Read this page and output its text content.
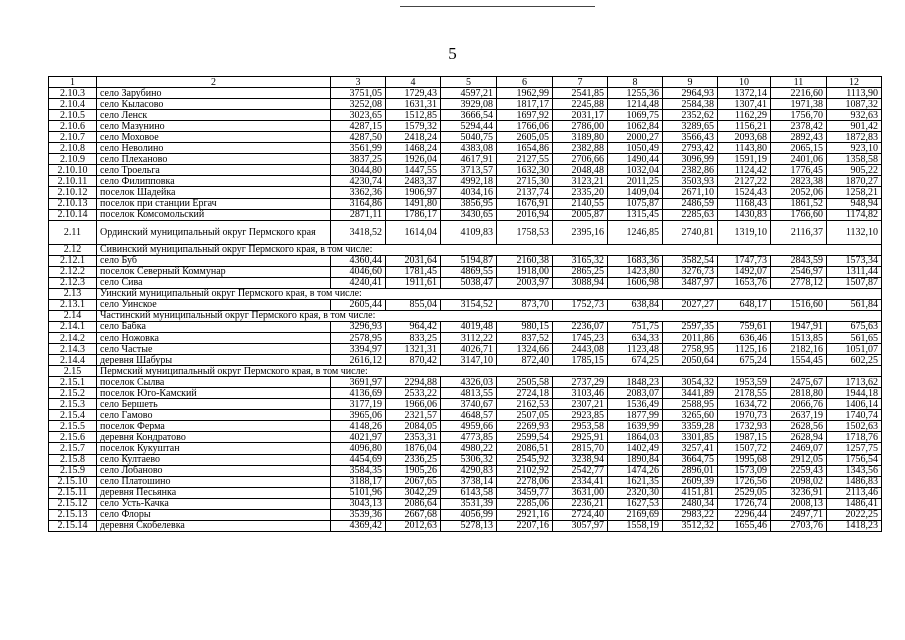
5
1	2	3	4	5	6	7	8	9	10	11	12
2.10.3	село Зарубино	3751,05	1729,43	4597,21	1962,99	2541,85	1255,36	2964,93	1372,14	2216,60	1113,90
2.10.4	село Кыласово	3252,08	1631,31	3929,08	1817,17	2245,88	1214,48	2584,38	1307,41	1971,38	1087,32
2.10.5	село Ленск	3023,65	1512,85	3666,54	1697,92	2031,17	1069,75	2352,62	1162,29	1756,70	932,63
2.10.6	село Мазунино	4287,15	1579,32	5294,44	1766,06	2786,00	1062,84	3289,65	1156,21	2378,42	901,42
2.10.7	село Моховое	4287,50	2418,24	5040,75	2605,05	3189,80	2000,27	3566,43	2093,68	2892,43	1872,83
2.10.8	село Неволино	3561,99	1468,24	4383,08	1654,86	2382,88	1050,49	2793,42	1143,80	2065,15	923,10
2.10.9	село Плеханово	3837,25	1926,04	4617,91	2127,55	2706,66	1490,44	3096,99	1591,19	2401,06	1358,58
2.10.10	село Троельга	3044,80	1447,55	3713,57	1632,30	2048,48	1032,04	2382,86	1124,42	1776,45	905,22
2.10.11	село Филипповка	4230,74	2483,37	4992,18	2715,30	3123,21	2011,25	3503,93	2127,22	2823,38	1870,27
2.10.12	поселок Шадейка	3362,36	1906,97	4034,16	2137,74	2335,20	1409,04	2671,10	1524,43	2052,06	1258,21
2.10.13	поселок при станции Ергач	3164,86	1491,80	3856,95	1676,91	2140,55	1075,87	2486,59	1168,43	1861,52	948,94
2.10.14	поселок Комсомольский	2871,11	1786,17	3430,65	2016,94	2005,87	1315,45	2285,63	1430,83	1766,60	1174,82
2.11	Ординский муниципальный округ Пермского края	3418,52	1614,04	4109,83	1758,53	2395,16	1246,85	2740,81	1319,10	2116,37	1132,10
2.12	Сивинский муниципальный округ Пермского края, в том числе:										
2.12.1	село Буб	4360,44	2031,64	5194,87	2160,38	3165,32	1683,36	3582,54	1747,73	2843,59	1573,34
2.12.2	поселок Северный Коммунар	4046,60	1781,45	4869,55	1918,00	2865,25	1423,80	3276,73	1492,07	2546,97	1311,44
2.12.3	село Сива	4240,41	1911,61	5038,47	2003,97	3088,94	1606,98	3487,97	1653,76	2778,12	1507,87
2.13	Уинский муниципальный округ Пермского края, в том числе:										
2.13.1	село Уинское	2605,44	855,04	3154,52	873,70	1752,73	638,84	2027,27	648,17	1516,60	561,84
2.14	Частинский муниципальный округ Пермского края, в том числе:										
2.14.1	село Бабка	3296,93	964,42	4019,48	980,15	2236,07	751,75	2597,35	759,61	1947,91	675,63
2.14.2	село Ножовка	2578,95	833,25	3112,22	837,52	1745,23	634,33	2011,86	636,46	1513,85	561,65
2.14.3	село Частые	3394,97	1321,31	4026,71	1324,66	2443,08	1123,48	2758,95	1125,16	2182,16	1051,07
2.14.4	деревня Шабуры	2616,12	870,42	3147,10	872,40	1785,15	674,25	2050,64	675,24	1554,45	602,25
2.15	Пермский муниципальный округ Пермского края, в том числе:										
2.15.1	поселок Сылва	3691,97	2294,88	4326,03	2505,58	2737,29	1848,23	3054,32	1953,59	2475,67	1713,62
2.15.2	поселок Юго-Камский	4136,69	2533,22	4813,55	2724,18	3103,46	2083,07	3441,89	2178,55	2818,80	1944,18
2.15.3	село Бершеть	3177,19	1966,06	3740,67	2162,53	2307,21	1536,49	2588,95	1634,72	2066,76	1406,14
2.15.4	село Гамово	3965,06	2321,57	4648,57	2507,05	2923,85	1877,99	3265,60	1970,73	2637,19	1740,74
2.15.5	поселок Ферма	4148,26	2084,05	4959,66	2269,93	2953,58	1639,99	3359,28	1732,93	2628,56	1502,63
2.15.6	деревня Кондратово	4021,97	2353,31	4773,85	2599,54	2925,91	1864,03	3301,85	1987,15	2628,94	1718,76
2.15.7	поселок Кукуштан	4096,80	1876,04	4980,22	2086,51	2815,70	1402,49	3257,41	1507,72	2469,07	1257,75
2.15.8	село Култаево	4454,69	2336,25	5306,32	2545,92	3238,94	1890,84	3664,75	1995,68	2912,05	1756,54
2.15.9	село Лобаново	3584,35	1905,26	4290,83	2102,92	2542,77	1474,26	2896,01	1573,09	2259,43	1343,56
2.15.10	село Платошино	3188,17	2067,65	3738,14	2278,06	2334,41	1621,35	2609,39	1726,56	2098,02	1486,83
2.15.11	деревня Песьянка	5101,96	3042,29	6143,58	3459,77	3631,00	2320,30	4151,81	2529,05	3236,91	2113,46
2.15.12	село Усть-Качка	3043,13	2086,64	3531,39	2285,06	2236,21	1627,53	2480,34	1726,74	2008,13	1486,41
2.15.13	село Флоры	3539,36	2667,68	4056,99	2921,16	2724,40	2169,69	2983,22	2296,44	2497,71	2022,25
2.15.14	деревня Скобелевка	4369,42	2012,63	5278,13	2207,16	3057,97	1558,19	3512,32	1655,46	2703,76	1418,23
